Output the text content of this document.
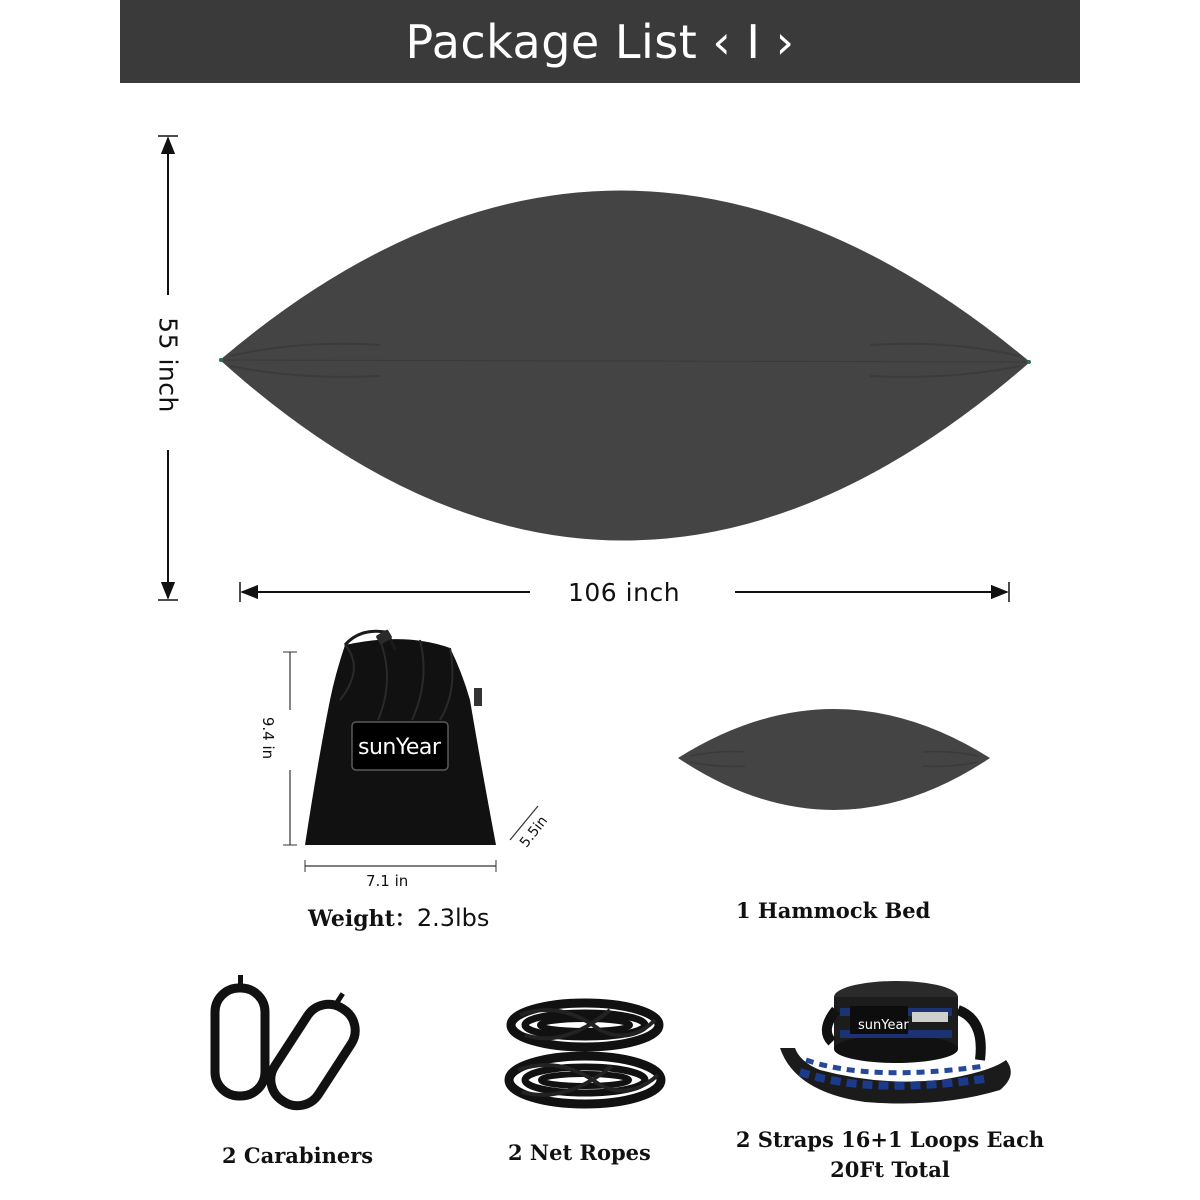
Package List ‹ I ›
106 inch
55 inch
sunYear
9.4 in
7.1 in
5.5in
Weight：2.3lbs	1 Hammock Bed
2 Carabiners	2 Net Ropes
2 Straps 16+1 Loops Each
20Ft Total
sunYear
